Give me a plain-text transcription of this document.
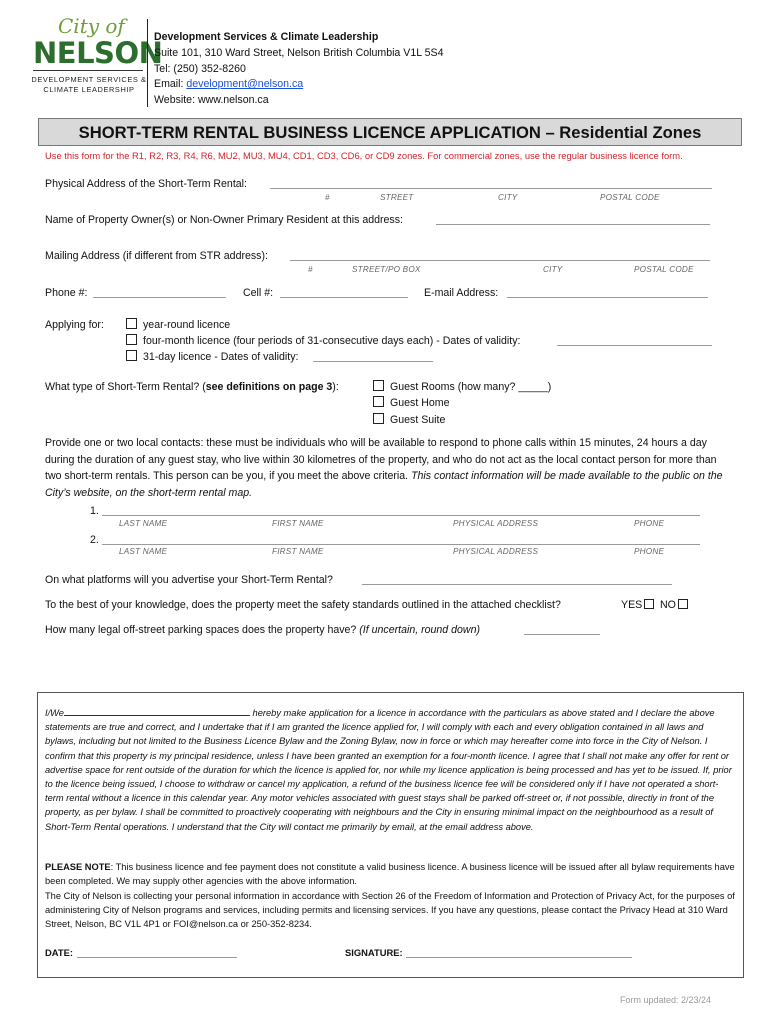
City of
NELSON
DEVELOPMENT SERVICES &
CLIMATE LEADERSHIP
Development Services & Climate Leadership
Suite 101, 310 Ward Street, Nelson British Columbia V1L 5S4
Tel: (250) 352-8260
Email: development@nelson.ca
Website: www.nelson.ca
SHORT-TERM RENTAL BUSINESS LICENCE APPLICATION – Residential Zones
Use this form for the R1, R2, R3, R4, R6, MU2, MU3, MU4, CD1, CD3, CD6, or CD9 zones. For commercial zones, use the regular business licence form.
Physical Address of the Short-Term Rental:
#	STREET	CITY	POSTAL CODE
Name of Property Owner(s) or Non-Owner Primary Resident at this address:
Mailing Address (if different from STR address):
#	STREET/PO BOX	CITY	POSTAL CODE
Phone #:	Cell #:	E-mail Address:
Applying for:	year-round licence
four-month licence (four periods of 31-consecutive days each) - Dates of validity:
31-day licence - Dates of validity:
What type of Short-Term Rental? (see definitions on page 3):	Guest Rooms (how many? _____)
Guest Home
Guest Suite
Provide one or two local contacts: these must be individuals who will be available to respond to phone calls within 15 minutes, 24 hours a day during the duration of any guest stay, who live within 30 kilometres of the property, and who do not act as the local contact person for more than two short-term rentals. This person can be you, if you meet the above criteria. This contact information will be made available to the public on the City’s website, on the short-term rental map.
1.
LAST NAME	FIRST NAME	PHYSICAL ADDRESS	PHONE
2.
LAST NAME	FIRST NAME	PHYSICAL ADDRESS	PHONE
On what platforms will you advertise your Short-Term Rental?
To the best of your knowledge, does the property meet the safety standards outlined in the attached checklist?	YES	NO
How many legal off-street parking spaces does the property have? (If uncertain, round down)
I/We	hereby make application for a licence in accordance with the particulars as above stated and I declare the above statements are true and correct, and I undertake that if I am granted the licence applied for, I will comply with each and every obligation contained in all laws and bylaws, including but not limited to the Business Licence Bylaw and the Zoning Bylaw, now in force or which may hereafter come into force in the City of Nelson. I confirm that this property is my principal residence, unless I have been granted an exemption for a four-month licence. I agree that I shall not make any offer for rent or advertise space for rent outside of the duration for which the licence is applied for, nor while my licence application is being processed and has yet to be issued. If, prior to the licence being issued, I choose to withdraw or cancel my application, a refund of the business licence fee will be considered only if I have not operated a short-term rental without a licence in this calendar year. Any motor vehicles associated with guest stays shall be parked off-street or, if not possible, directly in front of the property, as per bylaw. I shall be committed to proactively cooperating with neighbours and the City in ensuring minimal impact on the neighbourhood as a result of Short-Term Rental operations. I understand that the City will contact me primarily by email, at the email address above.
PLEASE NOTE: This business licence and fee payment does not constitute a valid business licence. A business licence will be issued after all bylaw requirements have been completed. We may supply other agencies with the above information.
The City of Nelson is collecting your personal information in accordance with Section 26 of the Freedom of Information and Protection of Privacy Act, for the purposes of administering City of Nelson programs and services, including permits and licensing services. If you have any questions, please contact the Privacy Head at 310 Ward Street, Nelson, BC V1L 4P1 or FOI@nelson.ca or 250-352-8234.
DATE:	SIGNATURE:
Form updated: 2/23/24
